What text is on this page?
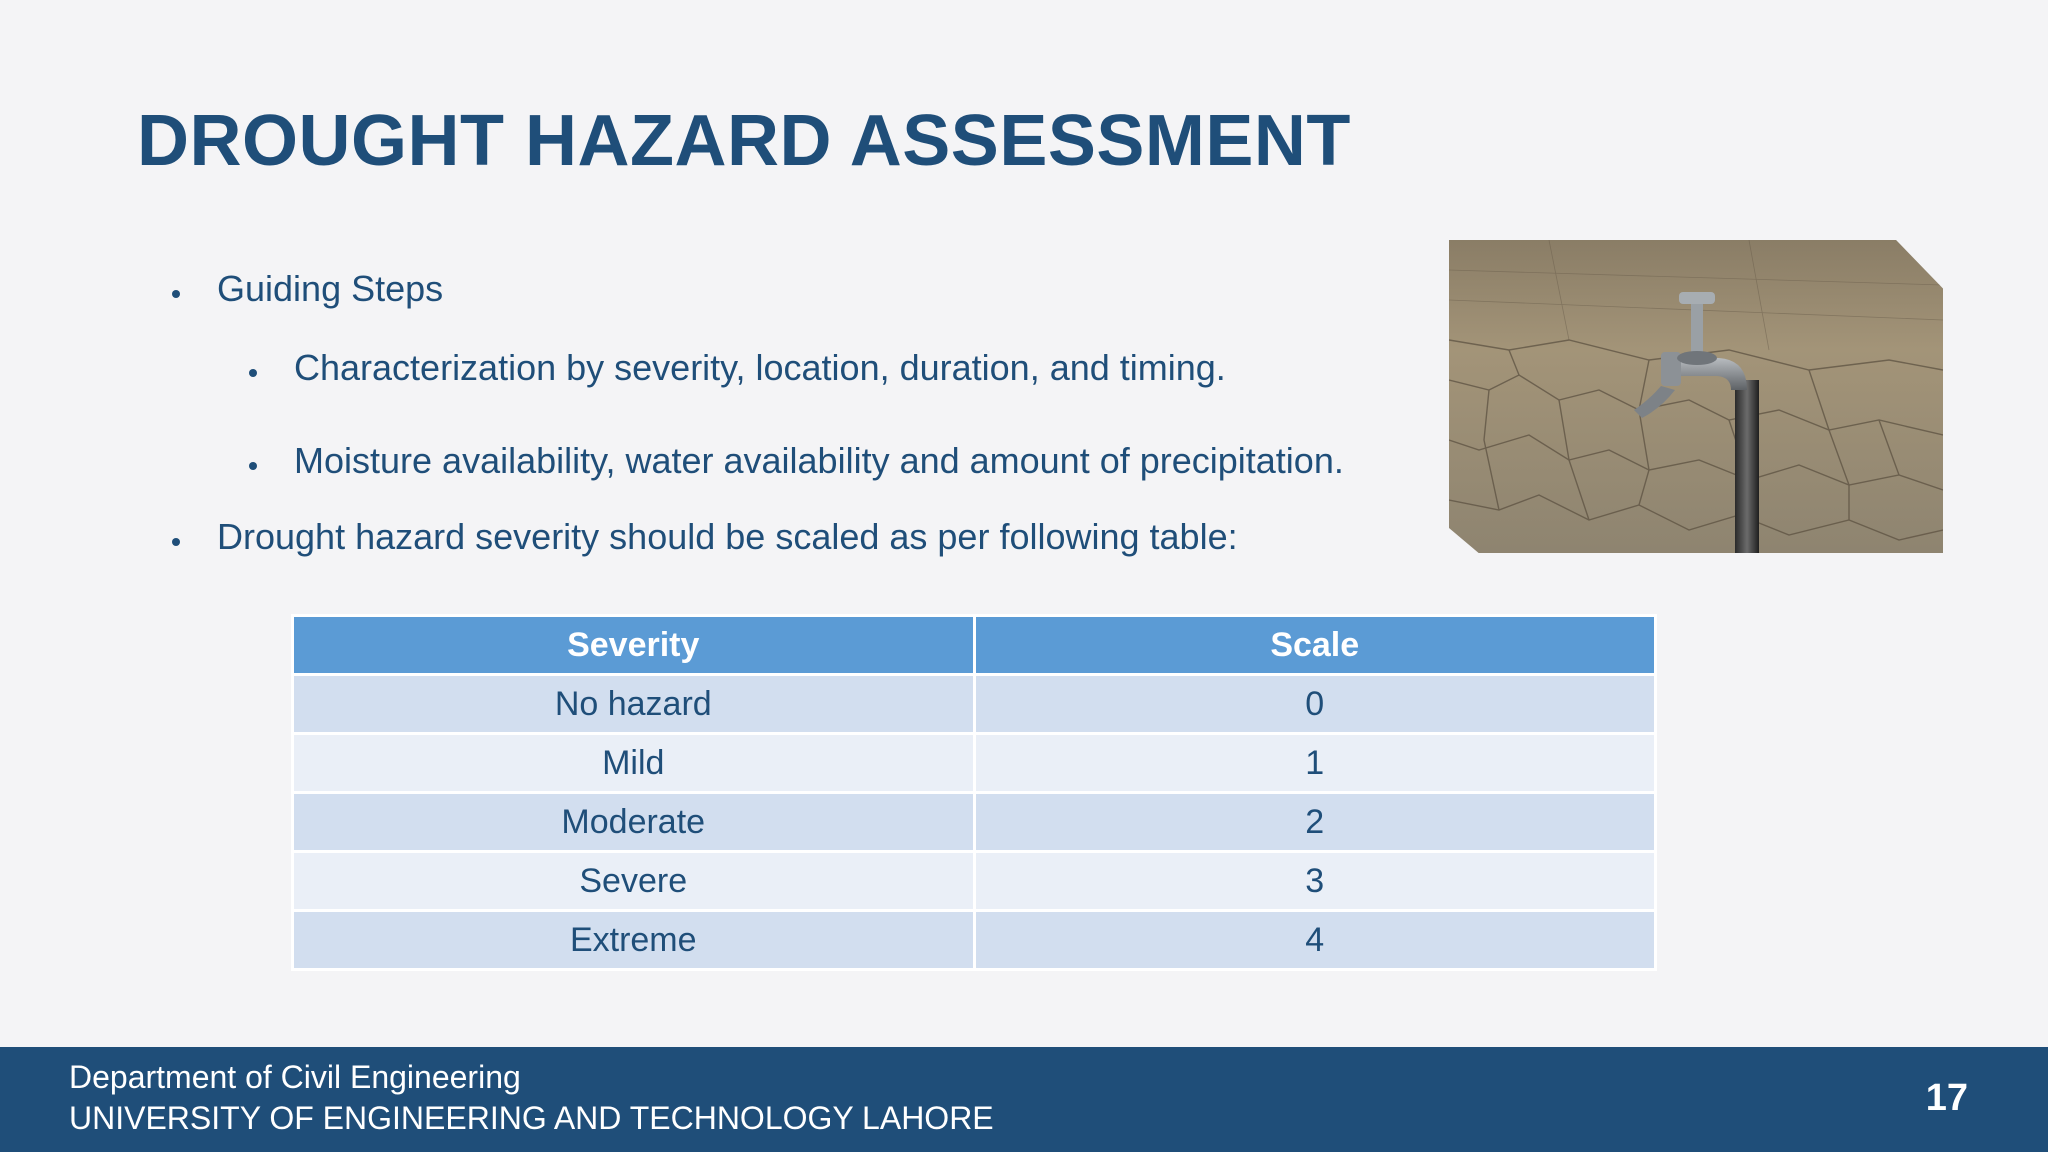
DROUGHT HAZARD ASSESSMENT
Guiding Steps
Characterization by severity, location, duration, and timing.
Moisture availability, water availability and amount of precipitation.
Drought hazard severity should be scaled as per following table:
Severity	Scale
No hazard	0
Mild	1
Moderate	2
Severe	3
Extreme	4
Department of Civil Engineering
UNIVERSITY OF ENGINEERING AND TECHNOLOGY LAHORE	17
